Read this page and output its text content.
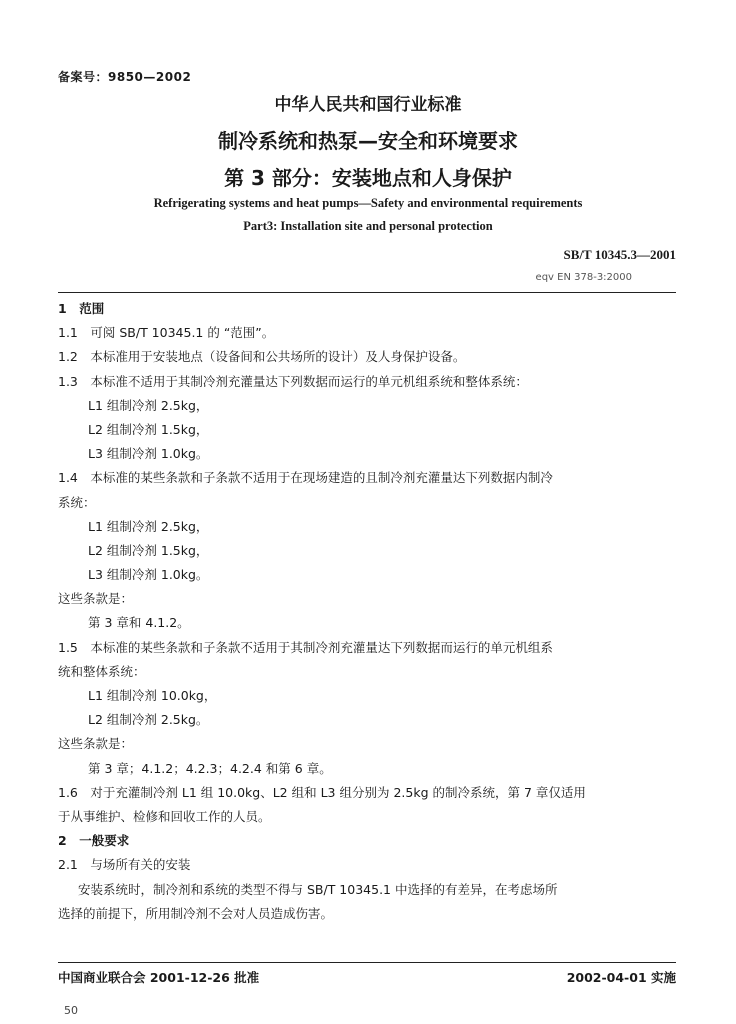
备案号：9850—2002
中华人民共和国行业标准
制冷系统和热泵—安全和环境要求
第 3 部分：安装地点和人身保护
Refrigerating systems and heat pumps—Safety and environmental requirements
Part3: Installation site and personal protection
SB/T 10345.3—2001
eqv EN 378-3:2000
1　范围
1.1　可阅 SB/T 10345.1 的 “范围”。
1.2　本标准用于安装地点（设备间和公共场所的设计）及人身保护设备。
1.3　本标准不适用于其制冷剂充灌量达下列数据而运行的单元机组系统和整体系统：
L1 组制冷剂 2.5kg，
L2 组制冷剂 1.5kg，
L3 组制冷剂 1.0kg。
1.4　本标准的某些条款和子条款不适用于在现场建造的且制冷剂充灌量达下列数据内制冷
系统：
L1 组制冷剂 2.5kg，
L2 组制冷剂 1.5kg，
L3 组制冷剂 1.0kg。
这些条款是：
第 3 章和 4.1.2。
1.5　本标准的某些条款和子条款不适用于其制冷剂充灌量达下列数据而运行的单元机组系
统和整体系统：
L1 组制冷剂 10.0kg，
L2 组制冷剂 2.5kg。
这些条款是：
第 3 章；4.1.2；4.2.3；4.2.4 和第 6 章。
1.6　对于充灌制冷剂 L1 组 10.0kg、L2 组和 L3 组分别为 2.5kg 的制冷系统，第 7 章仅适用
于从事维护、检修和回收工作的人员。
2　一般要求
2.1　与场所有关的安装
安装系统时，制冷剂和系统的类型不得与 SB/T 10345.1 中选择的有差异，在考虑场所
选择的前提下，所用制冷剂不会对人员造成伤害。
中国商业联合会 2001-12-26 批准	2002-04-01 实施
50
